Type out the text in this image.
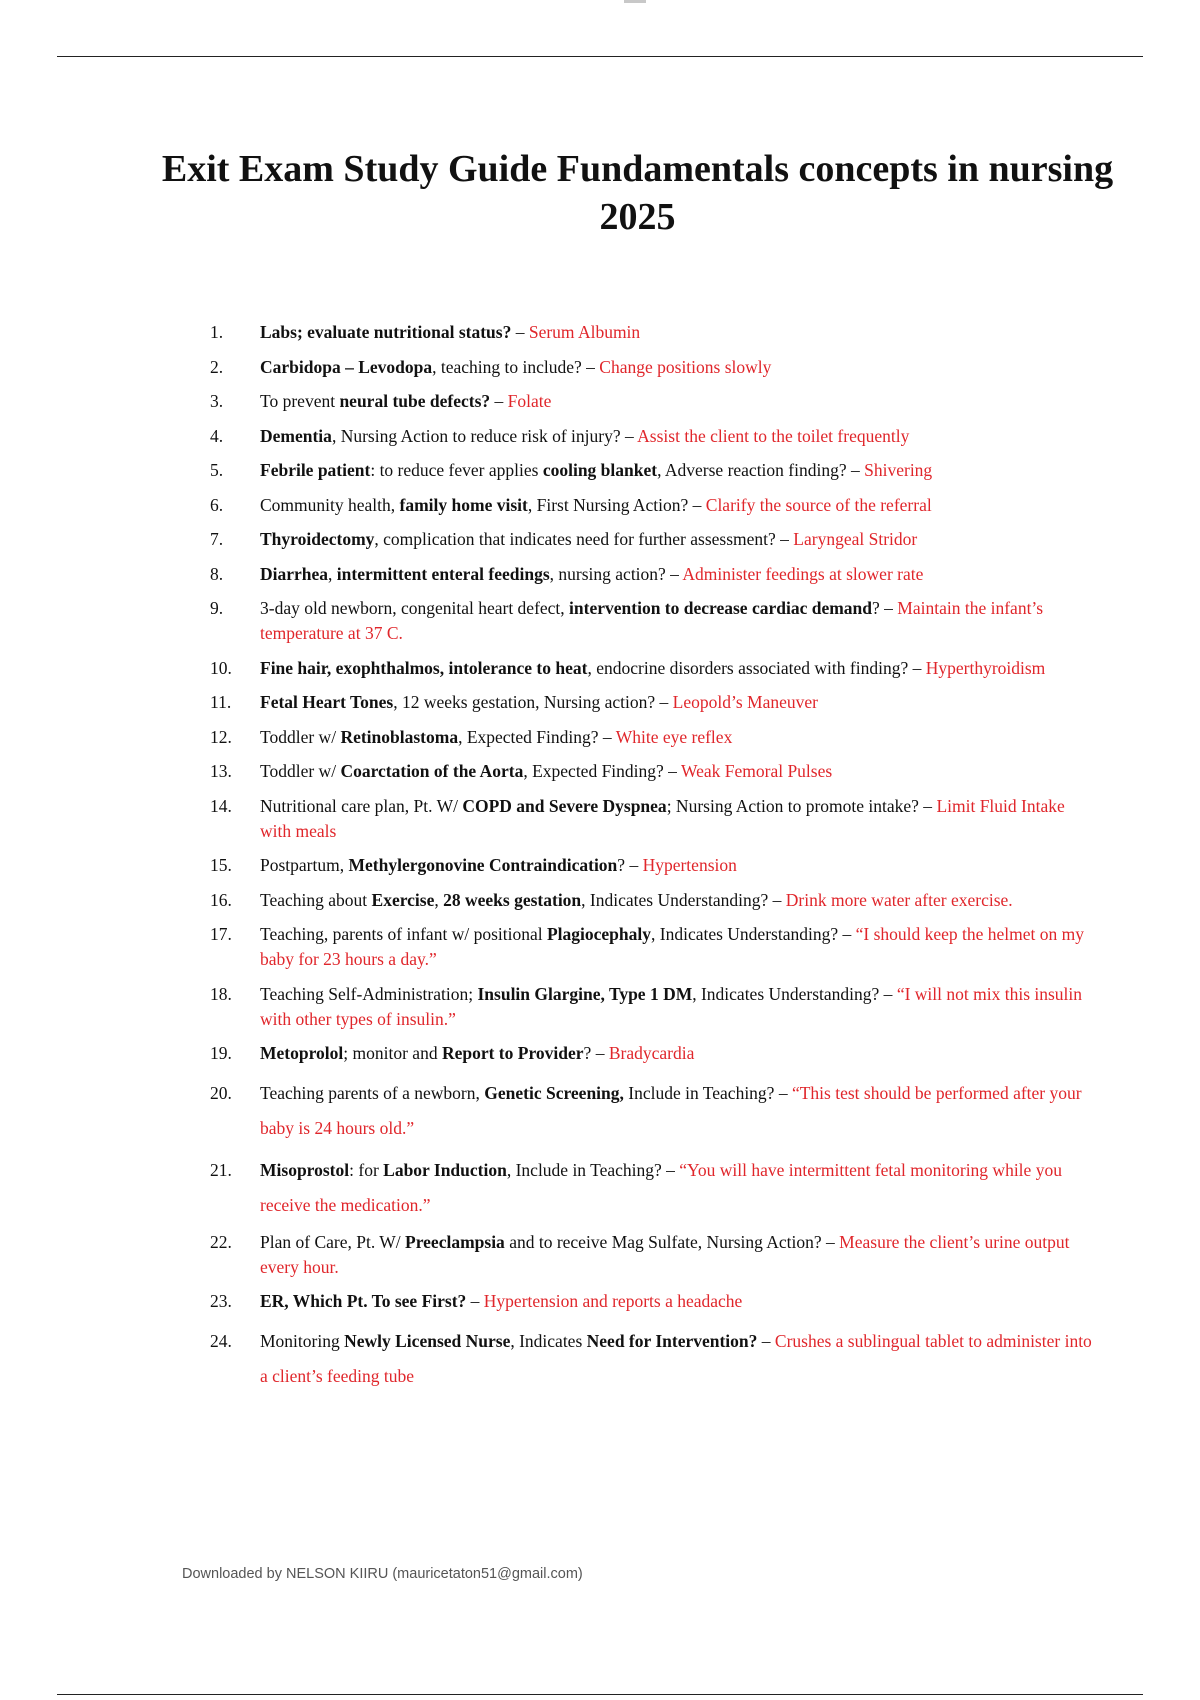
Exit Exam Study Guide Fundamentals concepts in nursing 2025
1.	Labs; evaluate nutritional status? – Serum Albumin
2.	Carbidopa – Levodopa, teaching to include? – Change positions slowly
3.	To prevent neural tube defects? – Folate
4.	Dementia, Nursing Action to reduce risk of injury? – Assist the client to the toilet frequently
5.	Febrile patient: to reduce fever applies cooling blanket, Adverse reaction finding? – Shivering
6.	Community health, family home visit, First Nursing Action? – Clarify the source of the referral
7.	Thyroidectomy, complication that indicates need for further assessment? – Laryngeal Stridor
8.	Diarrhea, intermittent enteral feedings, nursing action? – Administer feedings at slower rate
9.	3-day old newborn, congenital heart defect, intervention to decrease cardiac demand? – Maintain the infant’s temperature at 37 C.
10.	Fine hair, exophthalmos, intolerance to heat, endocrine disorders associated with finding? – Hyperthyroidism
11.	Fetal Heart Tones, 12 weeks gestation, Nursing action? – Leopold’s Maneuver
12.	Toddler w/ Retinoblastoma, Expected Finding? – White eye reflex
13.	Toddler w/ Coarctation of the Aorta, Expected Finding? – Weak Femoral Pulses
14.	Nutritional care plan, Pt. W/ COPD and Severe Dyspnea; Nursing Action to promote intake? – Limit Fluid Intake with meals
15.	Postpartum, Methylergonovine Contraindication? – Hypertension
16.	Teaching about Exercise, 28 weeks gestation, Indicates Understanding? – Drink more water after exercise.
17.	Teaching, parents of infant w/ positional Plagiocephaly, Indicates Understanding? – “I should keep the helmet on my baby for 23 hours a day.”
18.	Teaching Self-Administration; Insulin Glargine, Type 1 DM, Indicates Understanding? – “I will not mix this insulin with other types of insulin.”
19.	Metoprolol; monitor and Report to Provider? – Bradycardia
20.	Teaching parents of a newborn, Genetic Screening, Include in Teaching? – “This test should be performed after your baby is 24 hours old.”
21.	Misoprostol: for Labor Induction, Include in Teaching? – “You will have intermittent fetal monitoring while you receive the medication.”
22.	Plan of Care, Pt. W/ Preeclampsia and to receive Mag Sulfate, Nursing Action? – Measure the client’s urine output every hour.
23.	ER, Which Pt. To see First? – Hypertension and reports a headache
24.	Monitoring Newly Licensed Nurse, Indicates Need for Intervention? – Crushes a sublingual tablet to administer into a client’s feeding tube
Downloaded by NELSON KIIRU (mauricetaton51@gmail.com)
